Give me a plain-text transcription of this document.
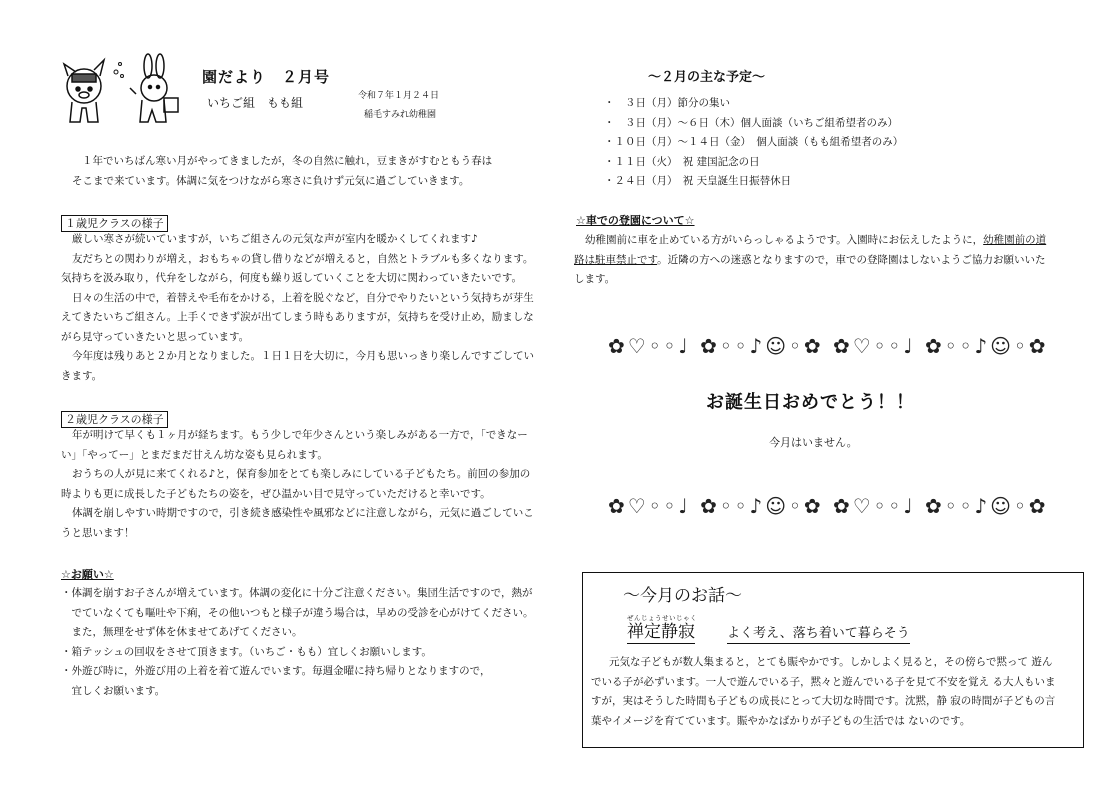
園だより　２月号
いちご組　もも組	令和７年１月２４日
稲毛すみれ幼稚園
１年でいちばん寒い月がやってきましたが，冬の自然に触れ，豆まきがすむともう春は
そこまで来ています。体調に気をつけながら寒さに負けず元気に過ごしていきます。
１歳児クラスの様子
厳しい寒さが続いていますが，いちご組さんの元気な声が室内を暖かくしてくれます♪
友だちとの関わりが増え，おもちゃの貸し借りなどが増えると，自然とトラブルも多くなります。
気持ちを汲み取り，代弁をしながら，何度も繰り返していくことを大切に関わっていきたいです。
日々の生活の中で，着替えや毛布をかける，上着を脱ぐなど，自分でやりたいという気持ちが芽生
えてきたいちご組さん。上手くできず涙が出てしまう時もありますが，気持ちを受け止め，励ましな
がら見守っていきたいと思っています。
今年度は残りあと２か月となりました。１日１日を大切に，今月も思いっきり楽しんですごしてい
きます。
２歳児クラスの様子
年が明けて早くも１ヶ月が経ちます。もう少しで年少さんという楽しみがある一方で，「できなー
い」「やってー」とまだまだ甘えん坊な姿も見られます。
おうちの人が見に来てくれる♪と，保育参加をとても楽しみにしている子どもたち。前回の参加の
時よりも更に成長した子どもたちの姿を，ぜひ温かい目で見守っていただけると幸いです。
体調を崩しやすい時期ですので，引き続き感染性や風邪などに注意しながら，元気に過ごしていこ
うと思います！
☆お願い☆
・体調を崩すお子さんが増えています。体調の変化に十分ご注意ください。集団生活ですので，熱が
　でていなくても嘔吐や下痢，その他いつもと様子が違う場合は，早めの受診を心がけてください。
　また，無理をせず体を休ませてあげてください。
・箱テッシュの回収をさせて頂きます。（いちご・もも）宜しくお願いします。
・外遊び時に，外遊び用の上着を着て遊んでいます。毎週金曜に持ち帰りとなりますので，
　宜しくお願います。
～２月の主な予定～
・　３日（月）節分の集い
・　３日（月）～６日（木）個人面談（いちご組希望者のみ）
・１０日（月）～１４日（金）　個人面談（もも組希望者のみ）
・１１日（火）　祝 建国記念の日
・２４日（月）　祝 天皇誕生日振替休日
☆車での登園について☆
幼稚園前に車を止めている方がいらっしゃるようです。入園時にお伝えしたように，幼稚園前の道
路は駐車禁止です。近隣の方への迷惑となりますので，車での登降園はしないようご協力お願いいた
します。
✿♡◦◦♩ ✿◦◦♪☺◦✿ ✿♡◦◦♩ ✿◦◦♪☺◦✿
お誕生日おめでとう！！
今月はいません。
✿♡◦◦♩ ✿◦◦♪☺◦✿ ✿♡◦◦♩ ✿◦◦♪☺◦✿
～今月のお話～
ぜんじょうせいじゃく
禅定静寂 よく考え、落ち着いて暮らそう
元気な子どもが数人集まると，とても賑やかです。しかしよく見ると，その傍らで黙って 遊ん
でいる子が必ずいます。一人で遊んでいる子，黙々と遊んでいる子を見て不安を覚え る大人もいま
すが，実はそうした時間も子どもの成長にとって大切な時間です。沈黙，静 寂の時間が子どもの言
葉やイメージを育てています。賑やかなばかりが子どもの生活では ないのです。
